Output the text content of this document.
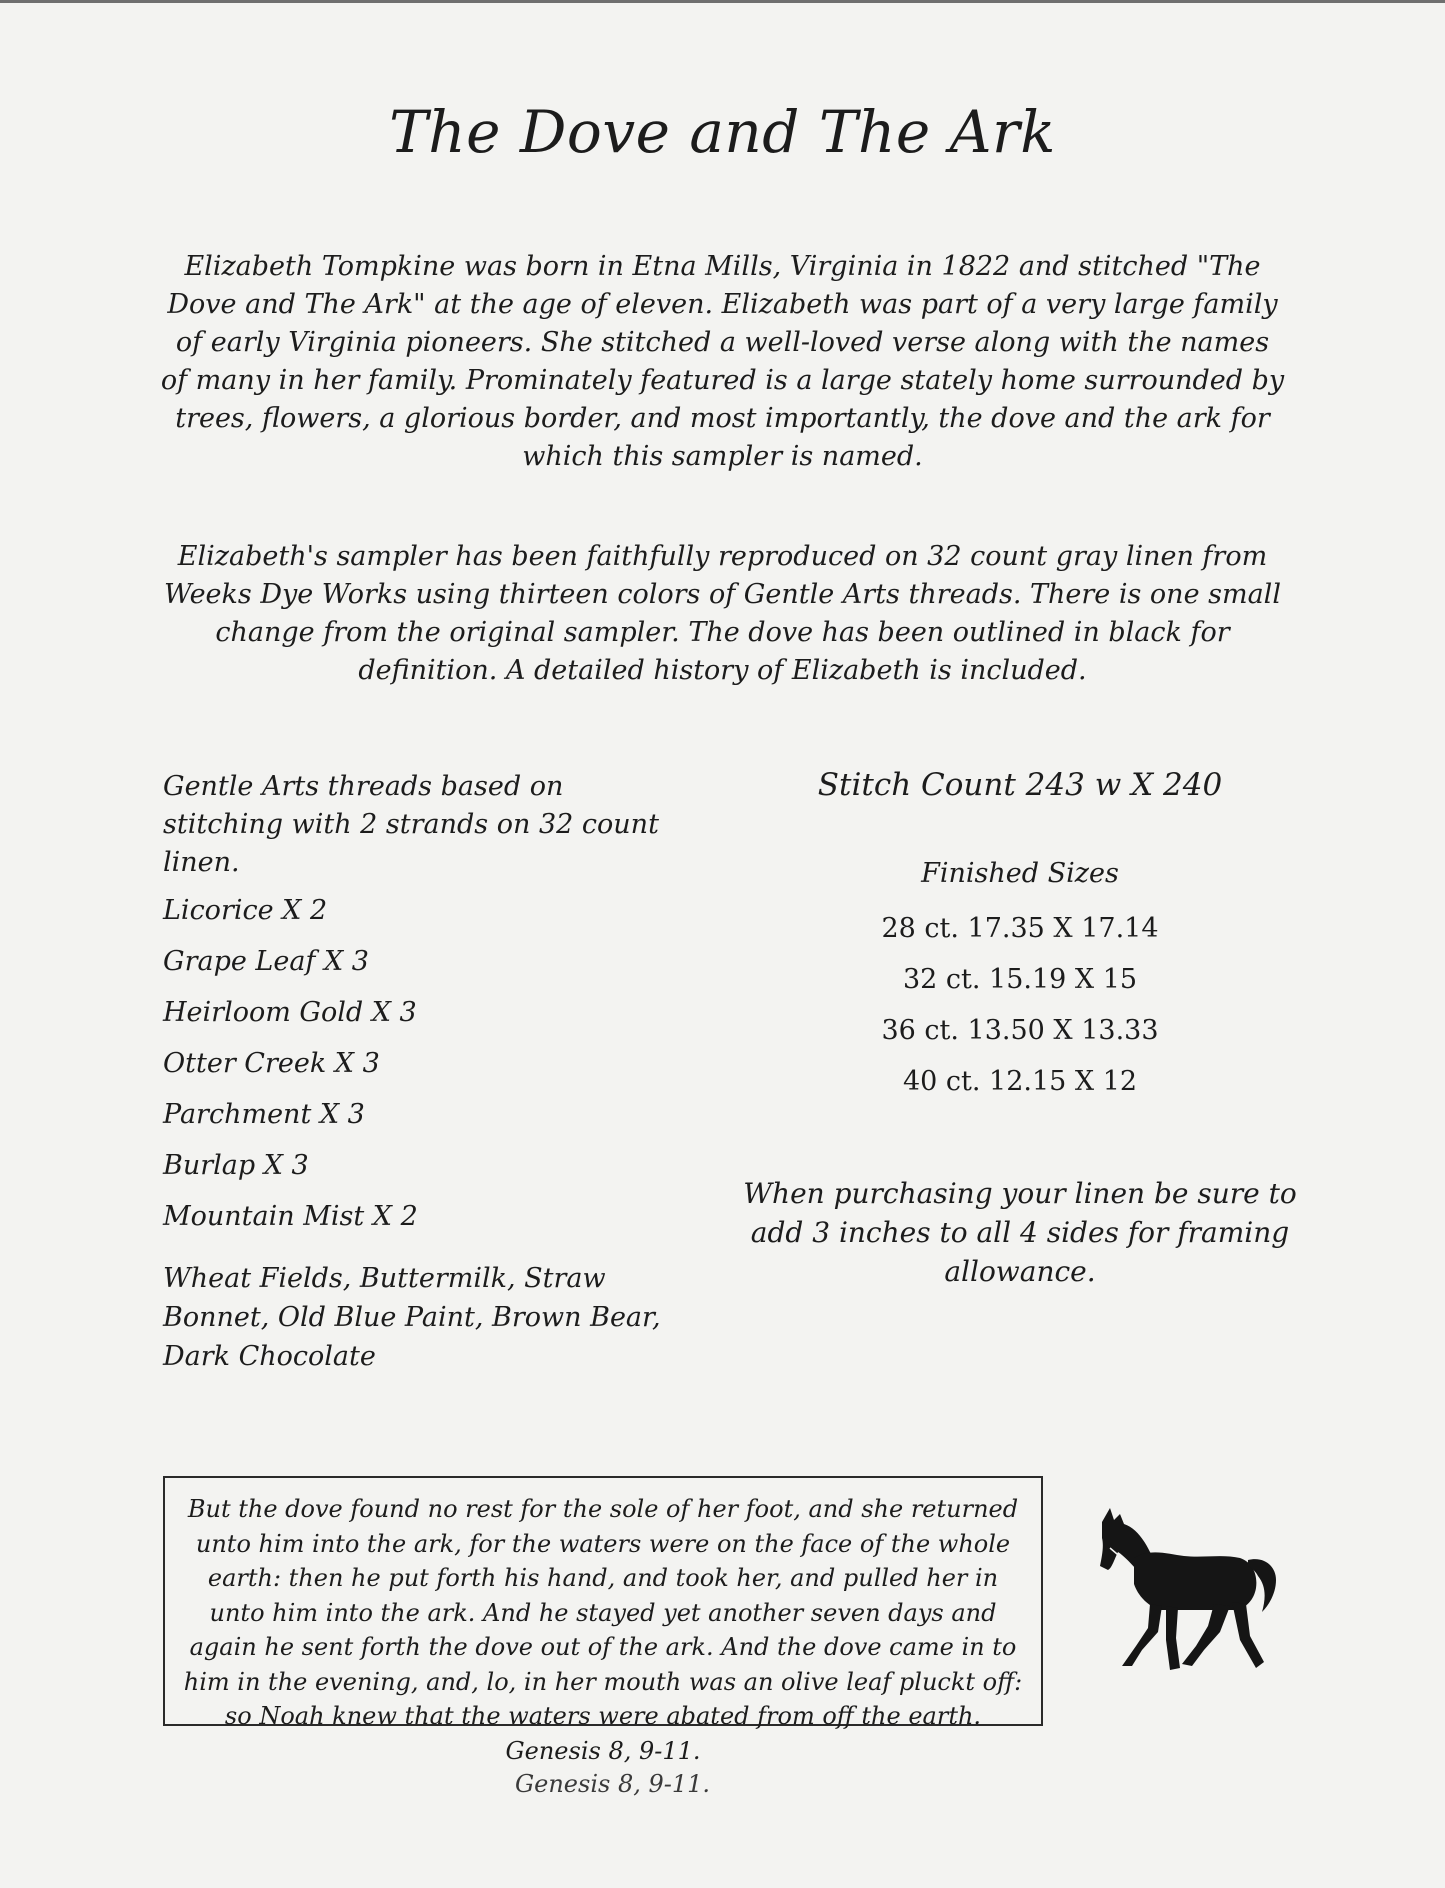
The Dove and The Ark
Elizabeth Tompkine was born in Etna Mills, Virginia in 1822 and stitched "The Dove and The Ark" at the age of eleven. Elizabeth was part of a very large family of early Virginia pioneers. She stitched a well-loved verse along with the names of many in her family. Prominately featured is a large stately home surrounded by trees, flowers, a glorious border, and most importantly, the dove and the ark for which this sampler is named.
Elizabeth's sampler has been faithfully reproduced on 32 count gray linen from Weeks Dye Works using thirteen colors of Gentle Arts threads. There is one small change from the original sampler. The dove has been outlined in black for definition. A detailed history of Elizabeth is included.
Gentle Arts threads based on stitching with 2 strands on 32 count linen.
Licorice X 2
Grape Leaf X 3
Heirloom Gold X 3
Otter Creek X 3
Parchment X 3
Burlap X 3
Mountain Mist X 2
Wheat Fields, Buttermilk, Straw Bonnet, Old Blue Paint, Brown Bear, Dark Chocolate
Stitch Count 243 w X 240
Finished Sizes
28 ct. 17.35 X 17.14
32 ct. 15.19 X 15
36 ct. 13.50 X 13.33
40 ct. 12.15 X 12
When purchasing your linen be sure to add 3 inches to all 4 sides for framing allowance.
But the dove found no rest for the sole of her foot, and she returned unto him into the ark, for the waters were on the face of the whole earth: then he put forth his hand, and took her, and pulled her in unto him into the ark. And he stayed yet another seven days and again he sent forth the dove out of the ark. And the dove came in to him in the evening, and, lo, in her mouth was an olive leaf pluckt off: so Noah knew that the waters were abated from off the earth. Genesis 8, 9-11.
Genesis 8, 9-11.
